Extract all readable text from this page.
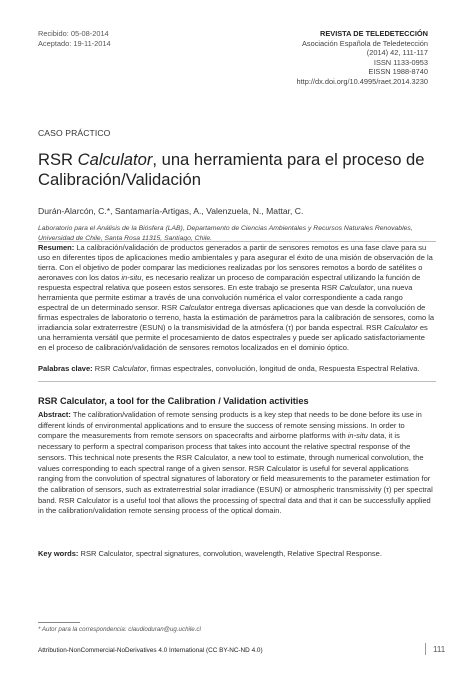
Recibido: 05-08-2014
Aceptado: 19-11-2014
REVISTA DE TELEDETECCIÓN
Asociación Española de Teledetección
(2014) 42, 111-117
ISSN 1133-0953
EISSN 1988-8740
http://dx.doi.org/10.4995/raet.2014.3230
CASO PRÁCTICO
RSR Calculator, una herramienta para el proceso de Calibración/Validación
Durán-Alarcón, C.*, Santamaría-Artigas, A., Valenzuela, N., Mattar, C.
Laboratorio para el Análisis de la Biósfera (LAB), Departamento de Ciencias Ambientales y Recursos Naturales Renovables, Universidad de Chile, Santa Rosa 11315, Santiago, Chile.
Resumen: La calibración/validación de productos generados a partir de sensores remotos es una fase clave para su uso en diferentes tipos de aplicaciones medio ambientales y para asegurar el éxito de una misión de observación de la tierra. Con el objetivo de poder comparar las mediciones realizadas por los sensores remotos a bordo de satélites o aeronaves con los datos in-situ, es necesario realizar un proceso de comparación espectral utilizando la función de respuesta espectral relativa que poseen estos sensores. En este trabajo se presenta RSR Calculator, una nueva herramienta que permite estimar a través de una convolución numérica el valor correspondiente a cada rango espectral de un determinado sensor. RSR Calculator entrega diversas aplicaciones que van desde la convolución de firmas espectrales de laboratorio o terreno, hasta la estimación de parámetros para la calibración de sensores, como la irradiancia solar extraterrestre (ESUN) o la transmisividad de la atmósfera (τ) por banda espectral. RSR Calculator es una herramienta versátil que permite el procesamiento de datos espectrales y puede ser aplicado satisfactoriamente en el proceso de calibración/validación de sensores remotos localizados en el dominio óptico.
Palabras clave: RSR Calculator, firmas espectrales, convolución, longitud de onda, Respuesta Espectral Relativa.
RSR Calculator, a tool for the Calibration / Validation activities
Abstract: The calibration/validation of remote sensing products is a key step that needs to be done before its use in different kinds of environmental applications and to ensure the success of remote sensing missions. In order to compare the measurements from remote sensors on spacecrafts and airborne platforms with in-situ data, it is necessary to perform a spectral comparison process that takes into account the relative spectral response of the sensors. This technical note presents the RSR Calculator, a new tool to estimate, through numerical convolution, the values corresponding to each spectral range of a given sensor. RSR Calculator is useful for several applications ranging from the convolution of spectral signatures of laboratory or field measurements to the parameter estimation for the calibration of sensors, such as extraterrestrial solar irradiance (ESUN) or atmospheric transmissivity (τ) per spectral band. RSR Calculator is a useful tool that allows the processing of spectral data and that it can be successfully applied in the calibration/validation remote sensing process of the optical domain.
Key words: RSR Calculator, spectral signatures, convolution, wavelength, Relative Spectral Response.
* Autor para la correspondencia: claudioduran@ug.uchile.cl
Attribution-NonCommercial-NoDerivatives 4.0 International (CC BY-NC-ND 4.0)	111
